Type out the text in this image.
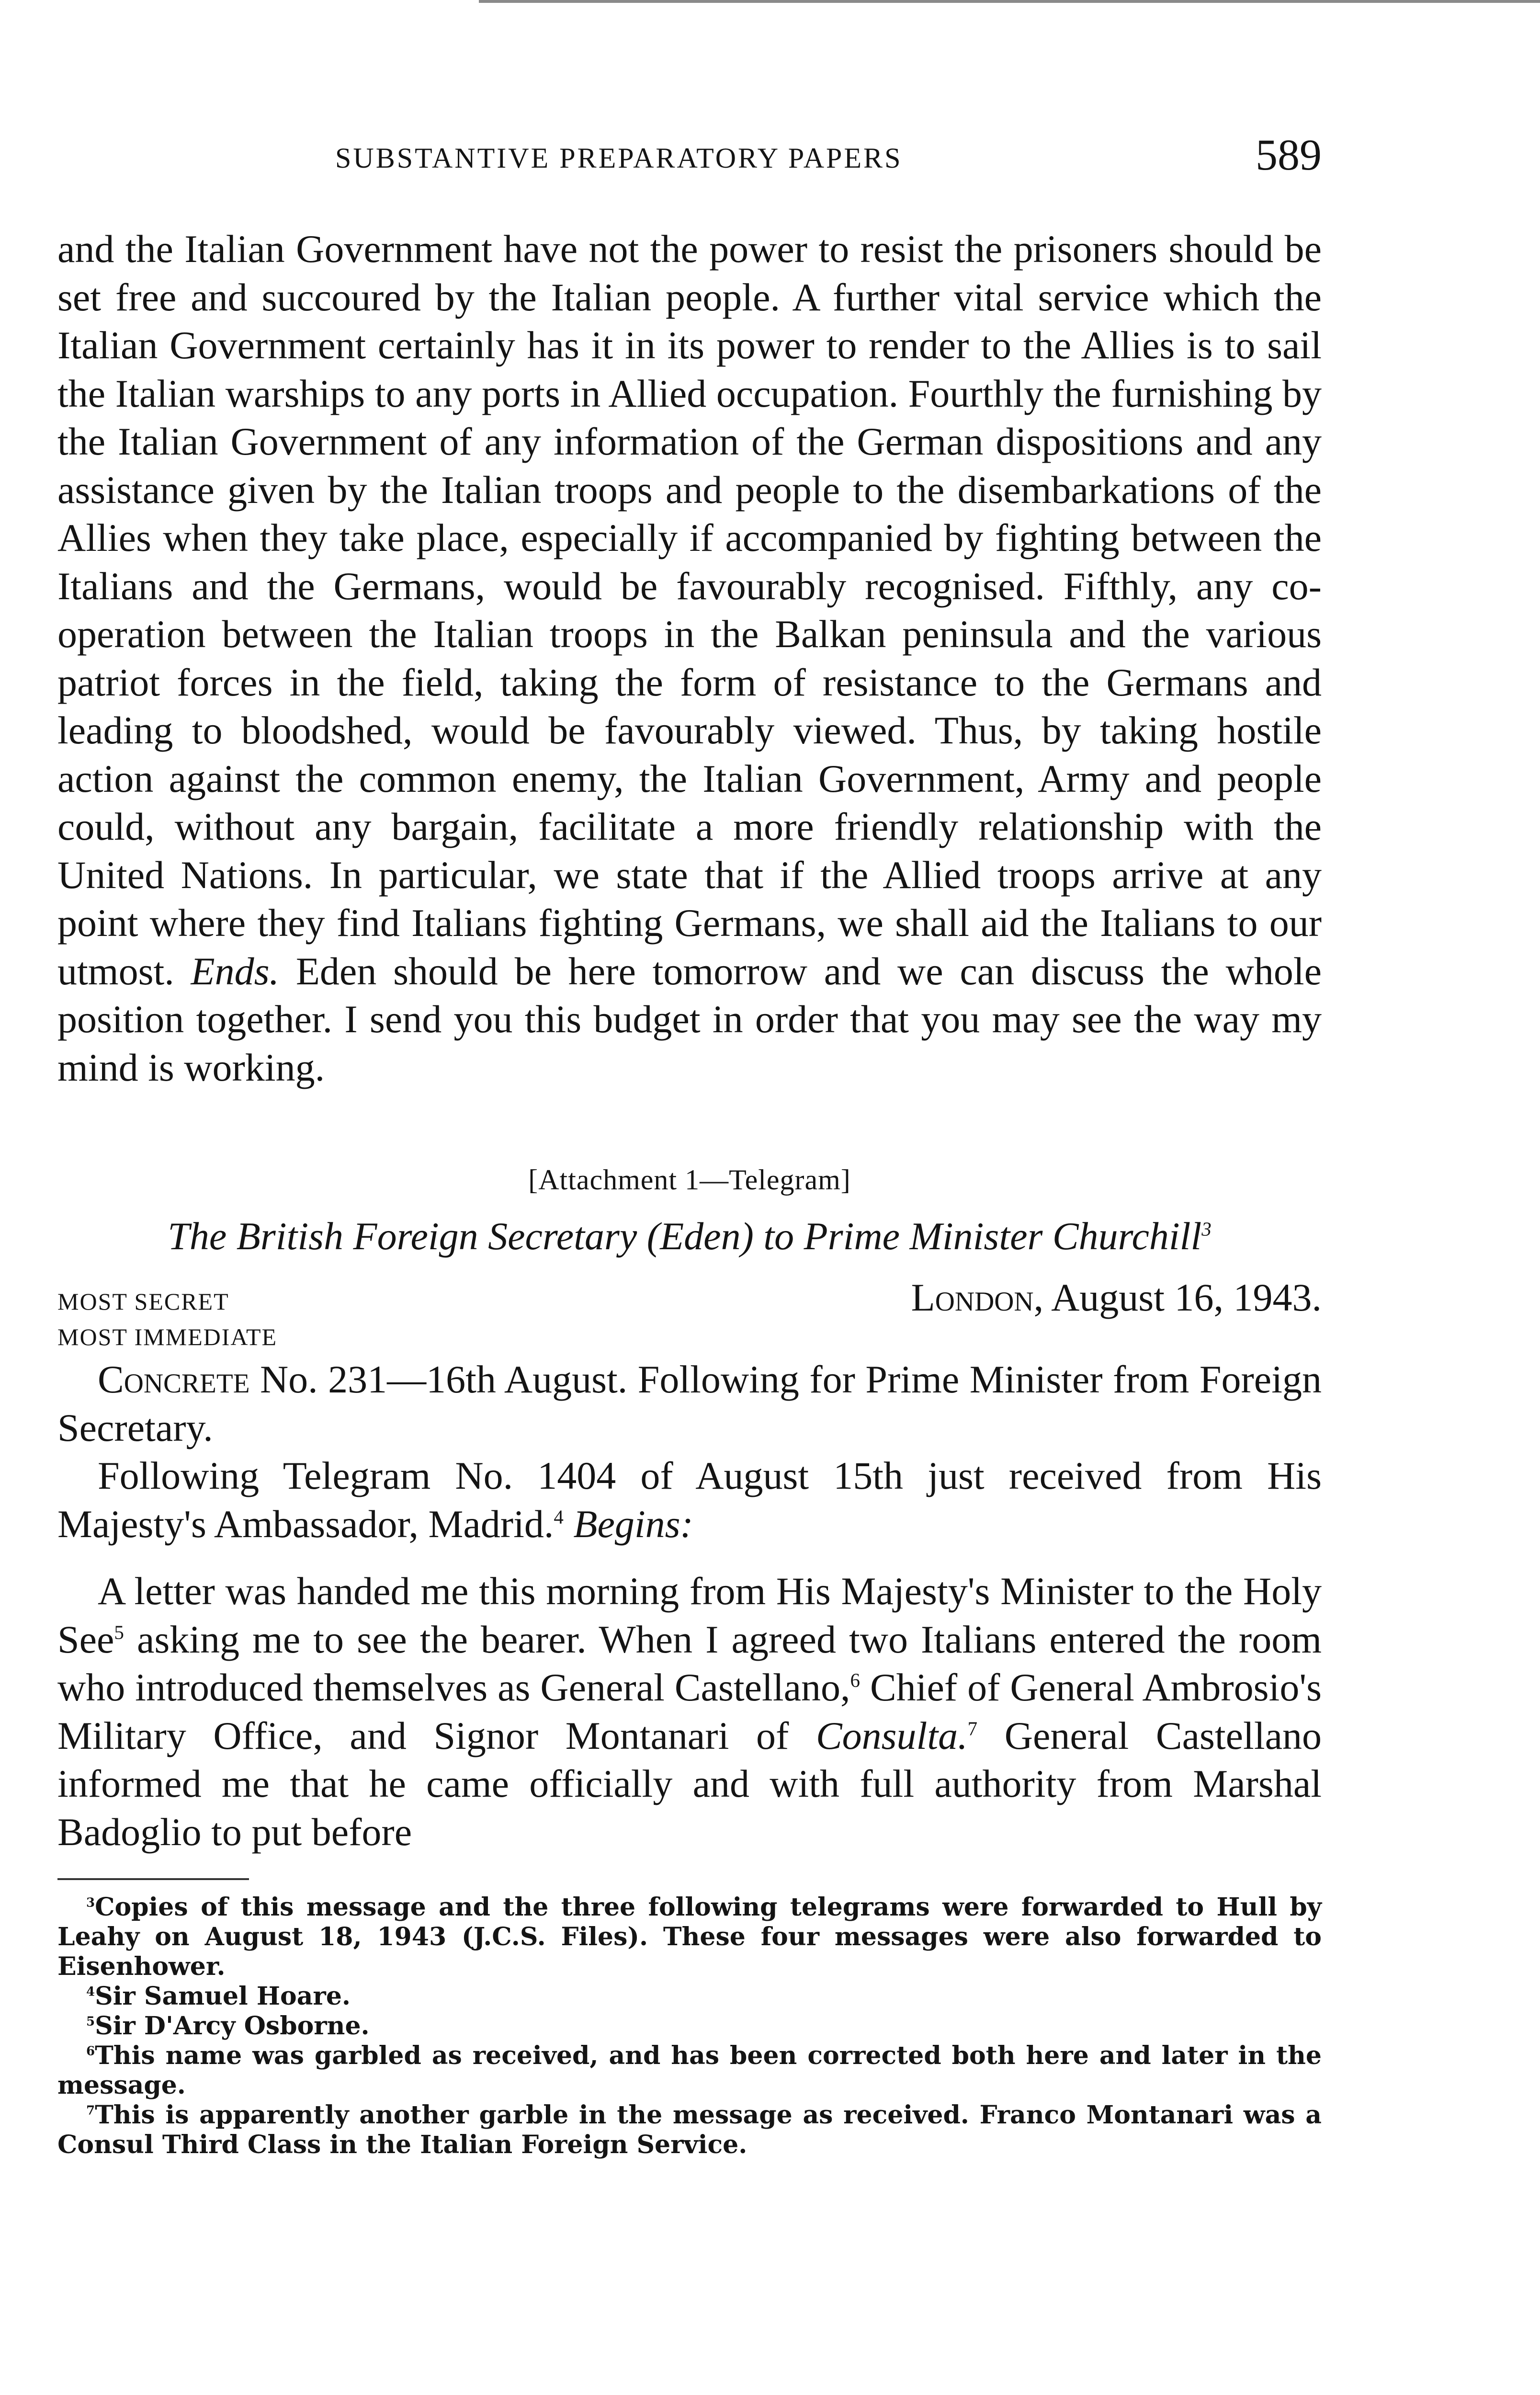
SUBSTANTIVE PREPARATORY PAPERS	589

and the Italian Government have not the power to resist the prisoners should be set free and succoured by the Italian people. A further vital service which the Italian Government certainly has it in its power to render to the Allies is to sail the Italian warships to any ports in Allied occupation. Fourthly the furnishing by the Italian Government of any information of the German dispositions and any assistance given by the Italian troops and people to the disembarkations of the Allies when they take place, especially if accompanied by fighting between the Italians and the Germans, would be favourably recognised. Fifthly, any co-operation between the Italian troops in the Balkan peninsula and the various patriot forces in the field, taking the form of resistance to the Germans and leading to bloodshed, would be favourably viewed. Thus, by taking hostile action against the common enemy, the Italian Government, Army and people could, without any bargain, facilitate a more friendly relationship with the United Nations. In particular, we state that if the Allied troops arrive at any point where they find Italians fighting Germans, we shall aid the Italians to our utmost. Ends. Eden should be here tomorrow and we can discuss the whole position together. I send you this budget in order that you may see the way my mind is working.

[Attachment 1—Telegram]

The British Foreign Secretary (Eden) to Prime Minister Churchill$^3$

MOST SECRET	London, August 16, 1943.
MOST IMMEDIATE

Concrete No. 231—16th August. Following for Prime Minister from Foreign Secretary.

Following Telegram No. 1404 of August 15th just received from His Majesty's Ambassador, Madrid.$^4$ Begins:

A letter was handed me this morning from His Majesty's Minister to the Holy See$^5$ asking me to see the bearer. When I agreed two Italians entered the room who introduced themselves as General Castellano,$^6$ Chief of General Ambrosio's Military Office, and Signor Montanari of Consulta.$^7$ General Castellano informed me that he came officially and with full authority from Marshal Badoglio to put before

$^3$Copies of this message and the three following telegrams were forwarded to Hull by Leahy on August 18, 1943 (J.C.S. Files). These four messages were also forwarded to Eisenhower.

$^4$Sir Samuel Hoare.

$^5$Sir D'Arcy Osborne.

$^6$This name was garbled as received, and has been corrected both here and later in the message.

$^7$This is apparently another garble in the message as received. Franco Montanari was a Consul Third Class in the Italian Foreign Service.
